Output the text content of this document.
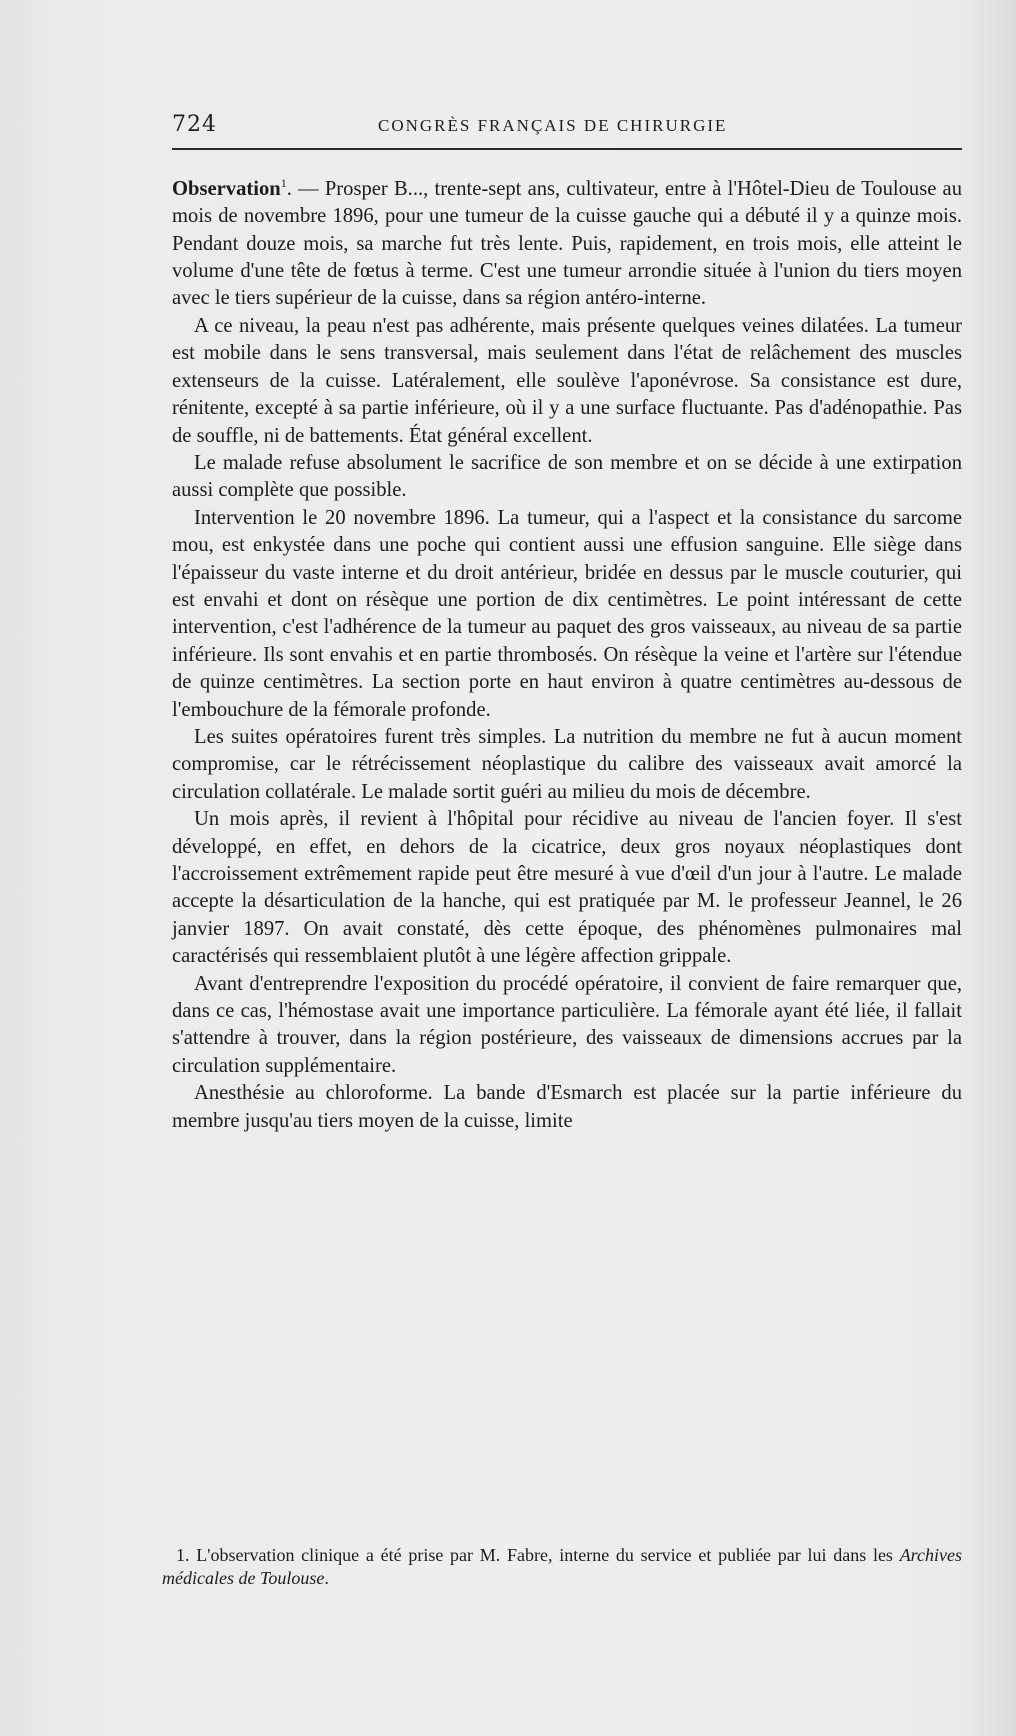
724	CONGRÈS FRANÇAIS DE CHIRURGIE

Observation$^1$. — Prosper B..., trente-sept ans, cultivateur, entre à l'Hôtel-Dieu de Toulouse au mois de novembre 1896, pour une tumeur de la cuisse gauche qui a débuté il y a quinze mois. Pendant douze mois, sa marche fut très lente. Puis, rapidement, en trois mois, elle atteint le volume d'une tête de fœtus à terme. C'est une tumeur arrondie située à l'union du tiers moyen avec le tiers supérieur de la cuisse, dans sa région antéro-interne.

A ce niveau, la peau n'est pas adhérente, mais présente quelques veines dilatées. La tumeur est mobile dans le sens transversal, mais seulement dans l'état de relâchement des muscles extenseurs de la cuisse. Latéralement, elle soulève l'aponévrose. Sa consistance est dure, rénitente, excepté à sa partie inférieure, où il y a une surface fluctuante. Pas d'adénopathie. Pas de souffle, ni de battements. État général excellent.

Le malade refuse absolument le sacrifice de son membre et on se décide à une extirpation aussi complète que possible.

Intervention le 20 novembre 1896. La tumeur, qui a l'aspect et la consistance du sarcome mou, est enkystée dans une poche qui contient aussi une effusion sanguine. Elle siège dans l'épaisseur du vaste interne et du droit antérieur, bridée en dessus par le muscle couturier, qui est envahi et dont on résèque une portion de dix centimètres. Le point intéressant de cette intervention, c'est l'adhérence de la tumeur au paquet des gros vaisseaux, au niveau de sa partie inférieure. Ils sont envahis et en partie thrombosés. On résèque la veine et l'artère sur l'étendue de quinze centimètres. La section porte en haut environ à quatre centimètres au-dessous de l'embouchure de la fémorale profonde.

Les suites opératoires furent très simples. La nutrition du membre ne fut à aucun moment compromise, car le rétrécissement néoplastique du calibre des vaisseaux avait amorcé la circulation collatérale. Le malade sortit guéri au milieu du mois de décembre.

Un mois après, il revient à l'hôpital pour récidive au niveau de l'ancien foyer. Il s'est développé, en effet, en dehors de la cicatrice, deux gros noyaux néoplastiques dont l'accroissement extrêmement rapide peut être mesuré à vue d'œil d'un jour à l'autre. Le malade accepte la désarticulation de la hanche, qui est pratiquée par M. le professeur Jeannel, le 26 janvier 1897. On avait constaté, dès cette époque, des phénomènes pulmonaires mal caractérisés qui ressemblaient plutôt à une légère affection grippale.

Avant d'entreprendre l'exposition du procédé opératoire, il convient de faire remarquer que, dans ce cas, l'hémostase avait une importance particulière. La fémorale ayant été liée, il fallait s'attendre à trouver, dans la région postérieure, des vaisseaux de dimensions accrues par la circulation supplémentaire.

Anesthésie au chloroforme. La bande d'Esmarch est placée sur la partie inférieure du membre jusqu'au tiers moyen de la cuisse, limite

1. L'observation clinique a été prise par M. Fabre, interne du service et publiée par lui dans les Archives médicales de Toulouse.
